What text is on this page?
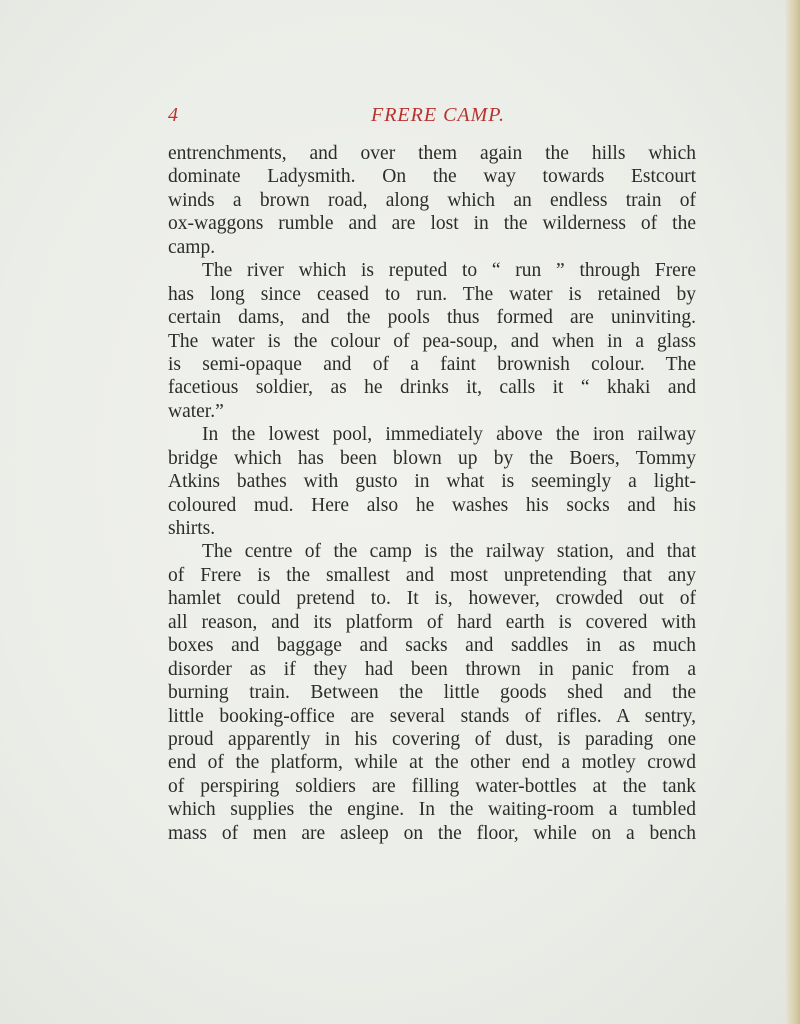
4	FRERE CAMP.
entrenchments, and over them again the hills which
dominate Ladysmith. On the way towards Estcourt
winds a brown road, along which an endless train of
ox-waggons rumble and are lost in the wilderness of the
camp.
The river which is reputed to “ run ” through Frere
has long since ceased to run. The water is retained by
certain dams, and the pools thus formed are uninviting.
The water is the colour of pea-soup, and when in a glass
is semi-opaque and of a faint brownish colour. The
facetious soldier, as he drinks it, calls it “ khaki and
water.”
In the lowest pool, immediately above the iron railway
bridge which has been blown up by the Boers, Tommy
Atkins bathes with gusto in what is seemingly a light-
coloured mud. Here also he washes his socks and his
shirts.
The centre of the camp is the railway station, and that
of Frere is the smallest and most unpretending that any
hamlet could pretend to. It is, however, crowded out of
all reason, and its platform of hard earth is covered with
boxes and baggage and sacks and saddles in as much
disorder as if they had been thrown in panic from a
burning train. Between the little goods shed and the
little booking-office are several stands of rifles. A sentry,
proud apparently in his covering of dust, is parading one
end of the platform, while at the other end a motley crowd
of perspiring soldiers are filling water-bottles at the tank
which supplies the engine. In the waiting-room a tumbled
mass of men are asleep on the floor, while on a bench
